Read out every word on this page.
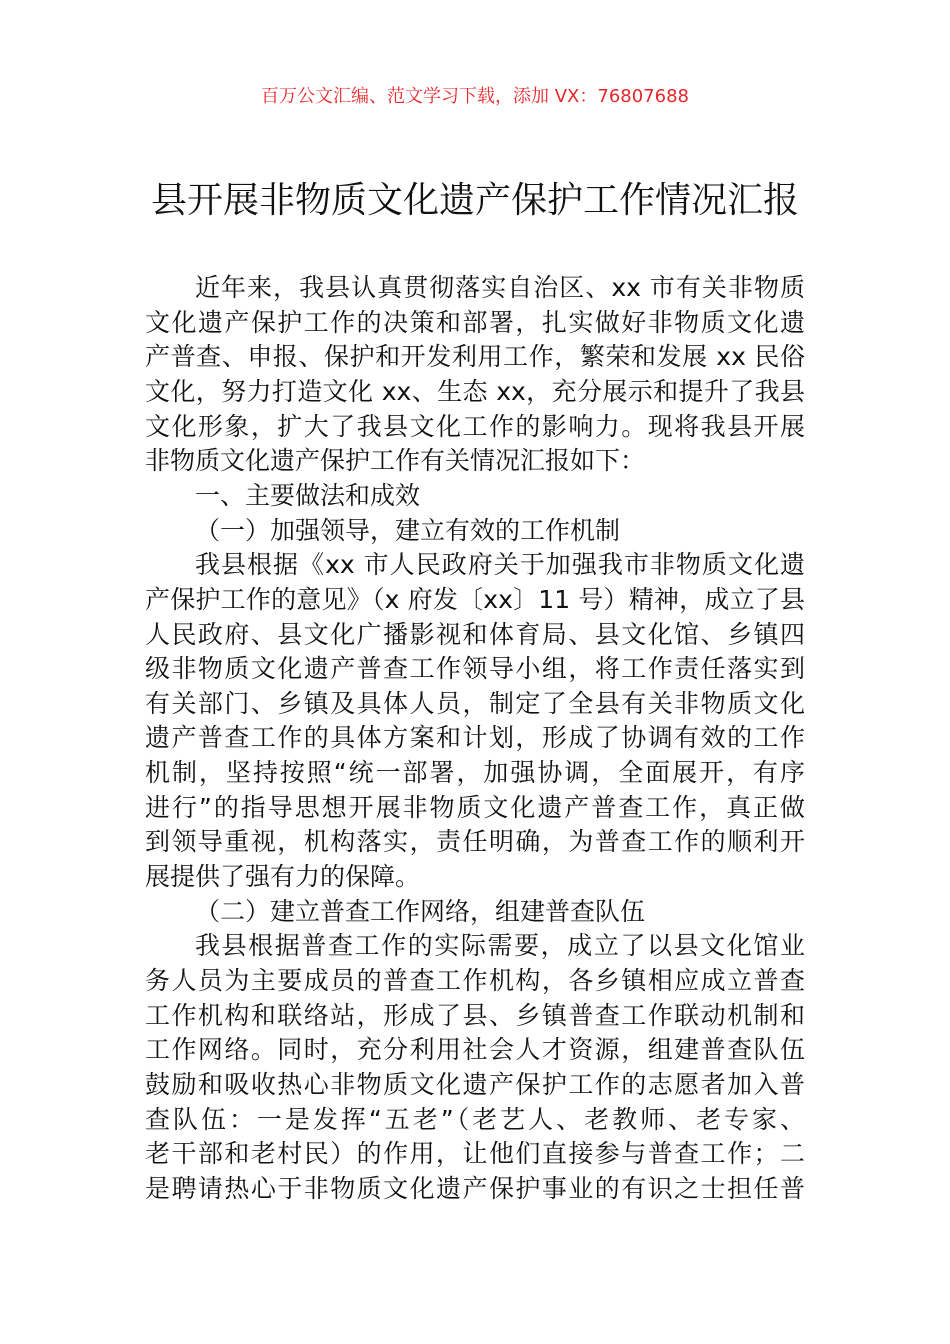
百万公文汇编、范文学习下载，添加 VX：76807688
县开展非物质文化遗产保护工作情况汇报
近年来，我县认真贯彻落实自治区、xx 市有关非物质
文化遗产保护工作的决策和部署，扎实做好非物质文化遗
产普查、申报、保护和开发利用工作，繁荣和发展 xx 民俗
文化，努力打造文化 xx、生态 xx，充分展示和提升了我县
文化形象，扩大了我县文化工作的影响力。现将我县开展
非物质文化遗产保护工作有关情况汇报如下：
一、主要做法和成效
（一）加强领导，建立有效的工作机制
我县根据《xx 市人民政府关于加强我市非物质文化遗
产保护工作的意见》（x 府发〔xx〕11 号）精神，成立了县
人民政府、县文化广播影视和体育局、县文化馆、乡镇四
级非物质文化遗产普查工作领导小组，将工作责任落实到
有关部门、乡镇及具体人员，制定了全县有关非物质文化
遗产普查工作的具体方案和计划，形成了协调有效的工作
机制，坚持按照“统一部署，加强协调，全面展开，有序
进行”的指导思想开展非物质文化遗产普查工作，真正做
到领导重视，机构落实，责任明确，为普查工作的顺利开
展提供了强有力的保障。
（二）建立普查工作网络，组建普查队伍
我县根据普查工作的实际需要，成立了以县文化馆业
务人员为主要成员的普查工作机构，各乡镇相应成立普查
工作机构和联络站，形成了县、乡镇普查工作联动机制和
工作网络。同时，充分利用社会人才资源，组建普查队伍
鼓励和吸收热心非物质文化遗产保护工作的志愿者加入普
查队伍：一是发挥“五老”（老艺人、老教师、老专家、
老干部和老村民）的作用，让他们直接参与普查工作；二
是聘请热心于非物质文化遗产保护事业的有识之士担任普
